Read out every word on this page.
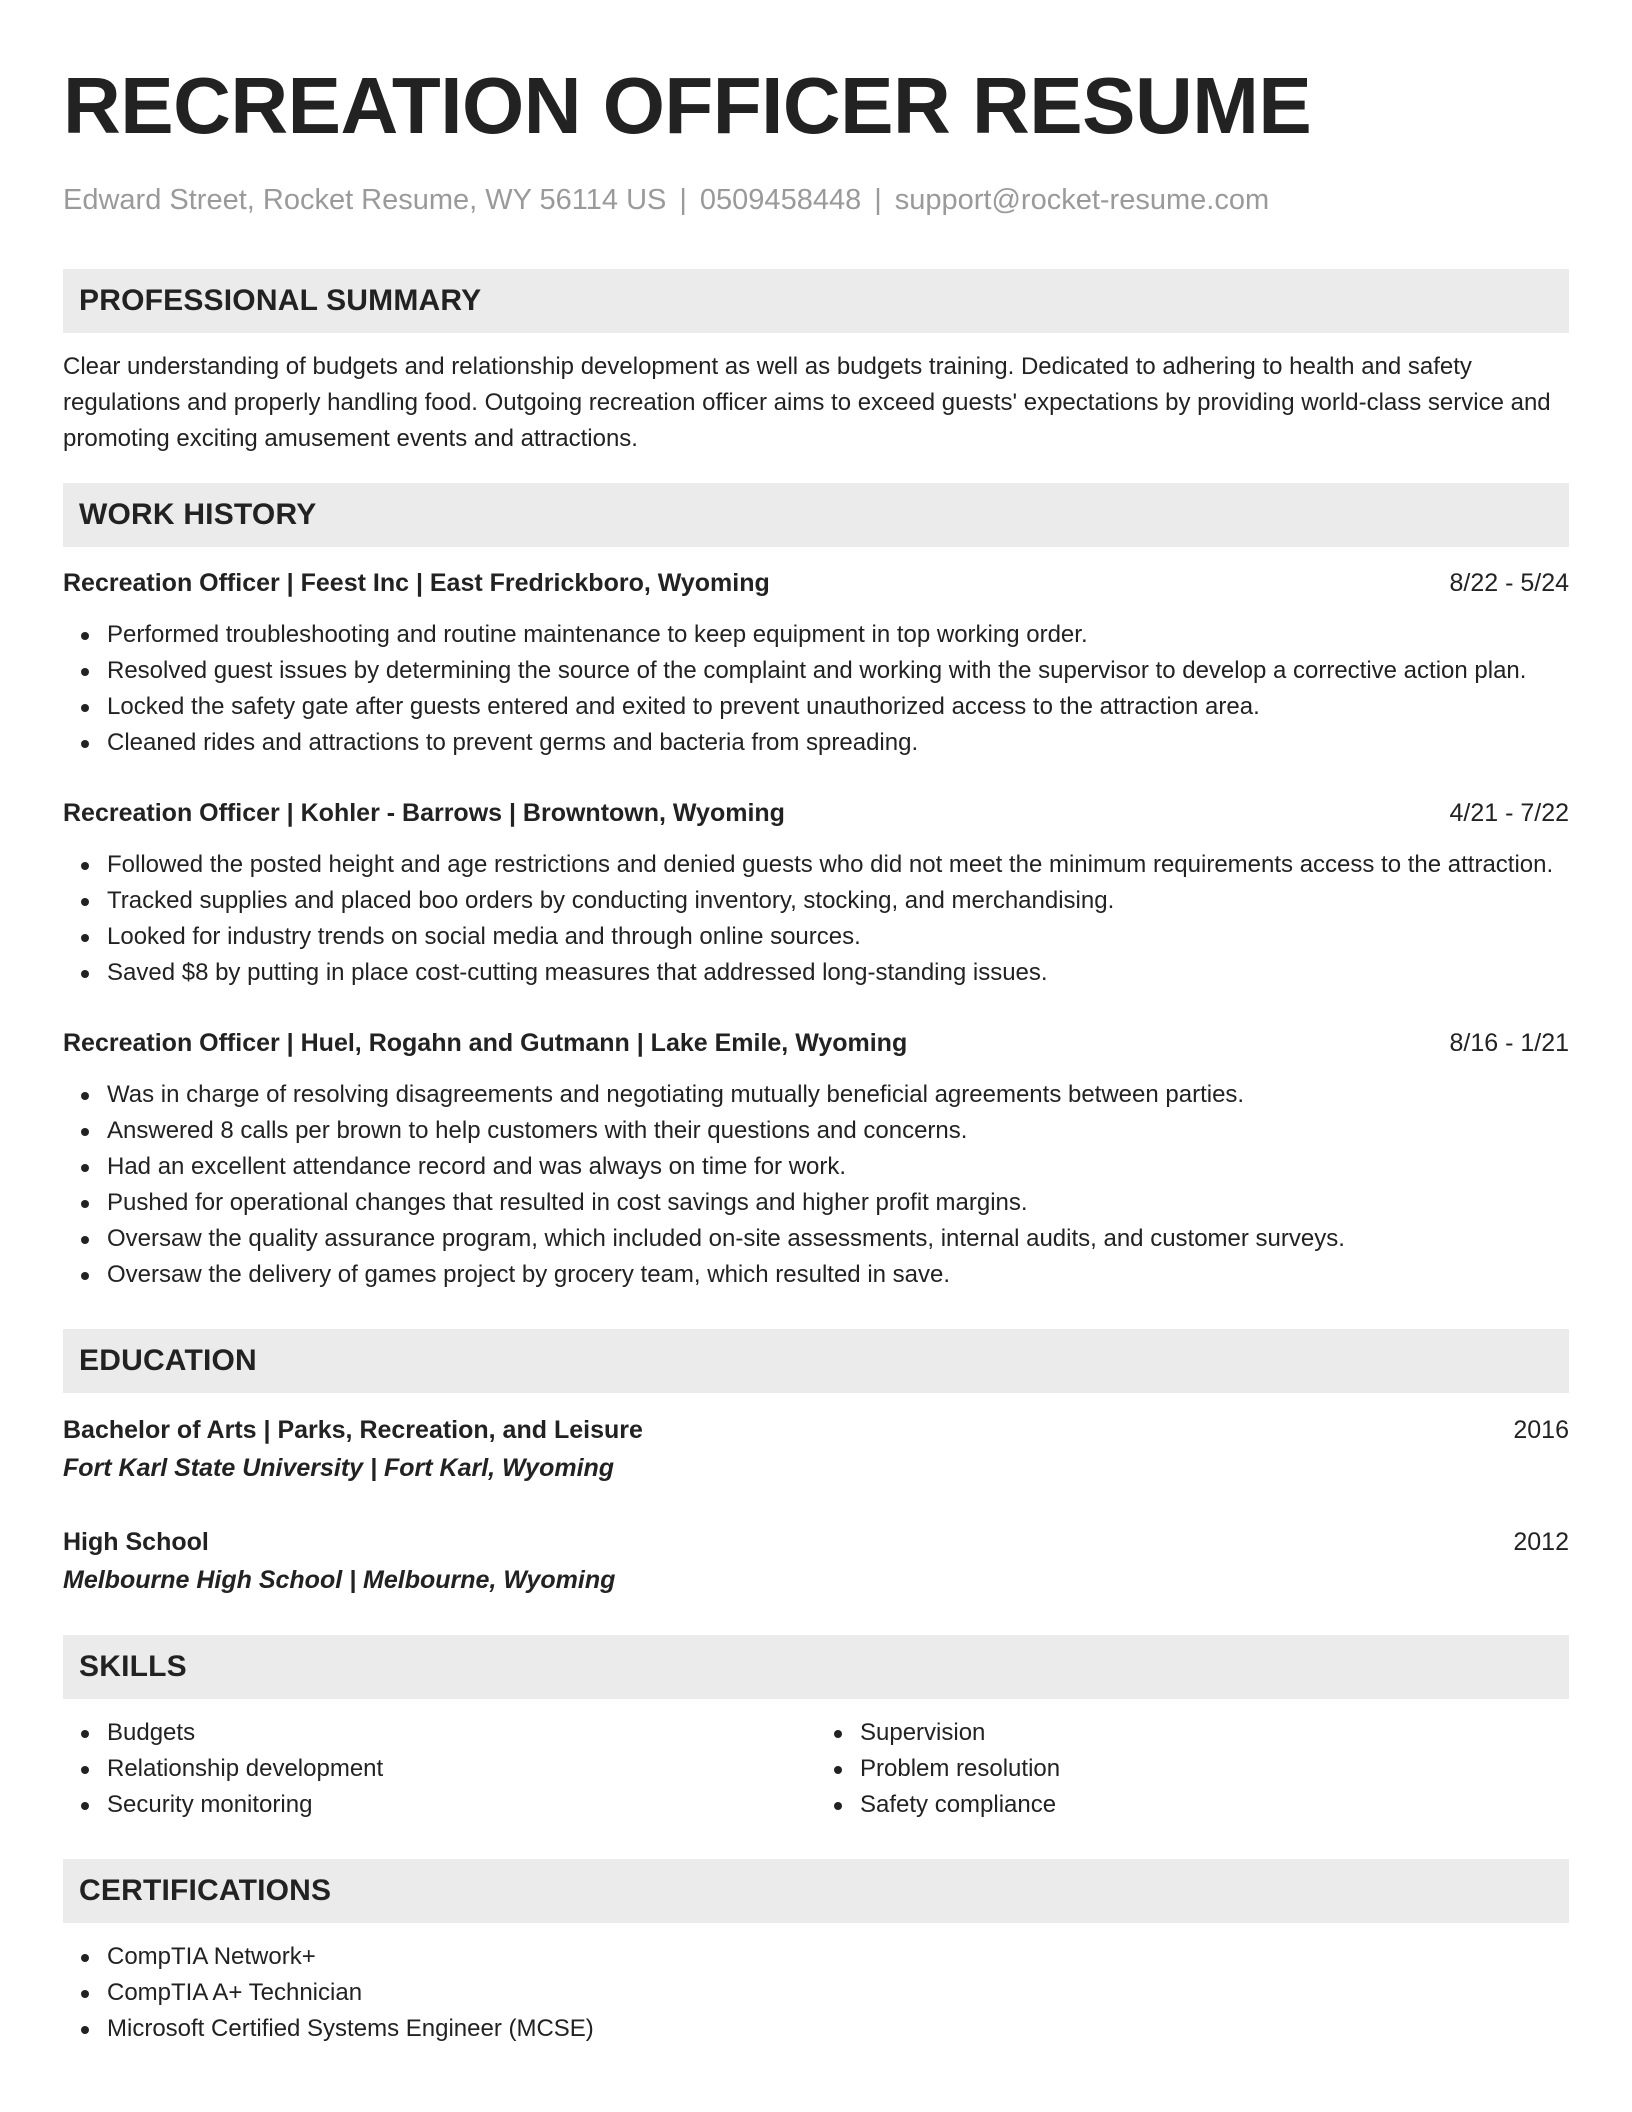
RECREATION OFFICER RESUME
Edward Street, Rocket Resume, WY 56114 US | 0509458448 | support@rocket-resume.com
PROFESSIONAL SUMMARY
Clear understanding of budgets and relationship development as well as budgets training. Dedicated to adhering to health and safety regulations and properly handling food. Outgoing recreation officer aims to exceed guests' expectations by providing world-class service and promoting exciting amusement events and attractions.
WORK HISTORY
Recreation Officer | Feest Inc | East Fredrickboro, Wyoming	8/22 - 5/24
Performed troubleshooting and routine maintenance to keep equipment in top working order.
Resolved guest issues by determining the source of the complaint and working with the supervisor to develop a corrective action plan.
Locked the safety gate after guests entered and exited to prevent unauthorized access to the attraction area.
Cleaned rides and attractions to prevent germs and bacteria from spreading.
Recreation Officer | Kohler - Barrows | Browntown, Wyoming	4/21 - 7/22
Followed the posted height and age restrictions and denied guests who did not meet the minimum requirements access to the attraction.
Tracked supplies and placed boo orders by conducting inventory, stocking, and merchandising.
Looked for industry trends on social media and through online sources.
Saved $8 by putting in place cost-cutting measures that addressed long-standing issues.
Recreation Officer | Huel, Rogahn and Gutmann | Lake Emile, Wyoming	8/16 - 1/21
Was in charge of resolving disagreements and negotiating mutually beneficial agreements between parties.
Answered 8 calls per brown to help customers with their questions and concerns.
Had an excellent attendance record and was always on time for work.
Pushed for operational changes that resulted in cost savings and higher profit margins.
Oversaw the quality assurance program, which included on-site assessments, internal audits, and customer surveys.
Oversaw the delivery of games project by grocery team, which resulted in save.
EDUCATION
Bachelor of Arts | Parks, Recreation, and Leisure	2016
Fort Karl State University | Fort Karl, Wyoming
High School	2012
Melbourne High School | Melbourne, Wyoming
SKILLS
Budgets
Relationship development
Security monitoring
Supervision
Problem resolution
Safety compliance
CERTIFICATIONS
CompTIA Network+
CompTIA A+ Technician
Microsoft Certified Systems Engineer (MCSE)
